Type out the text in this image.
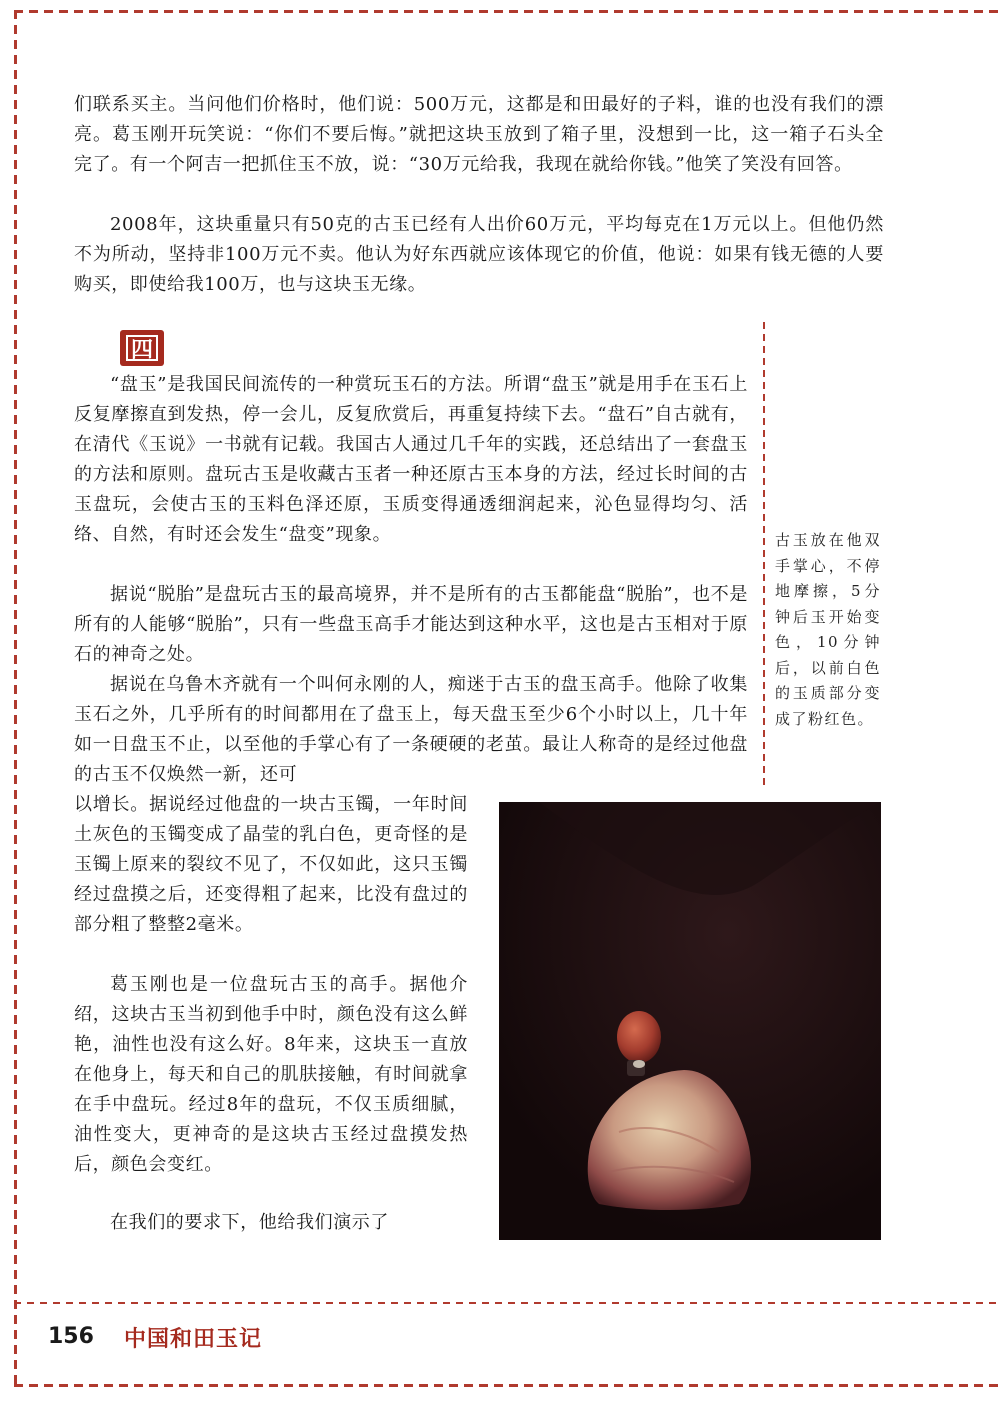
们联系买主。当问他们价格时，他们说：500万元，这都是和田最好的子料，谁的也没有我们的漂亮。葛玉刚开玩笑说：“你们不要后悔。”就把这块玉放到了箱子里，没想到一比，这一箱子石头全完了。有一个阿吉一把抓住玉不放，说：“30万元给我，我现在就给你钱。”他笑了笑没有回答。

2008年，这块重量只有50克的古玉已经有人出价60万元，平均每克在1万元以上。但他仍然不为所动，坚持非100万元不卖。他认为好东西就应该体现它的价值，他说：如果有钱无德的人要购买，即使给我100万，也与这块玉无缘。

四

“盘玉”是我国民间流传的一种赏玩玉石的方法。所谓“盘玉”就是用手在玉石上反复摩擦直到发热，停一会儿，反复欣赏后，再重复持续下去。“盘石”自古就有，在清代《玉说》一书就有记载。我国古人通过几千年的实践，还总结出了一套盘玉的方法和原则。盘玩古玉是收藏古玉者一种还原古玉本身的方法，经过长时间的古玉盘玩，会使古玉的玉料色泽还原，玉质变得通透细润起来，沁色显得均匀、活络、自然，有时还会发生“盘变”现象。

据说“脱胎”是盘玩古玉的最高境界，并不是所有的古玉都能盘“脱胎”，也不是所有的人能够“脱胎”，只有一些盘玉高手才能达到这种水平，这也是古玉相对于原石的神奇之处。

据说在乌鲁木齐就有一个叫何永刚的人，痴迷于古玉的盘玉高手。他除了收集玉石之外，几乎所有的时间都用在了盘玉上，每天盘玉至少6个小时以上，几十年如一日盘玉不止，以至他的手掌心有了一条硬硬的老茧。最让人称奇的是经过他盘的古玉不仅焕然一新，还可

以增长。据说经过他盘的一块古玉镯，一年时间土灰色的玉镯变成了晶莹的乳白色，更奇怪的是玉镯上原来的裂纹不见了，不仅如此，这只玉镯经过盘摸之后，还变得粗了起来，比没有盘过的部分粗了整整2毫米。

葛玉刚也是一位盘玩古玉的高手。据他介绍，这块古玉当初到他手中时，颜色没有这么鲜艳，油性也没有这么好。8年来，这块玉一直放在他身上，每天和自己的肌肤接触，有时间就拿在手中盘玩。经过8年的盘玩，不仅玉质细腻，油性变大，更神奇的是这块古玉经过盘摸发热后，颜色会变红。

在我们的要求下，他给我们演示了

古玉放在他双手掌心，不停地摩擦，5分钟后玉开始变色，10分钟后，以前白色的玉质部分变成了粉红色。

156 中国和田玉记
